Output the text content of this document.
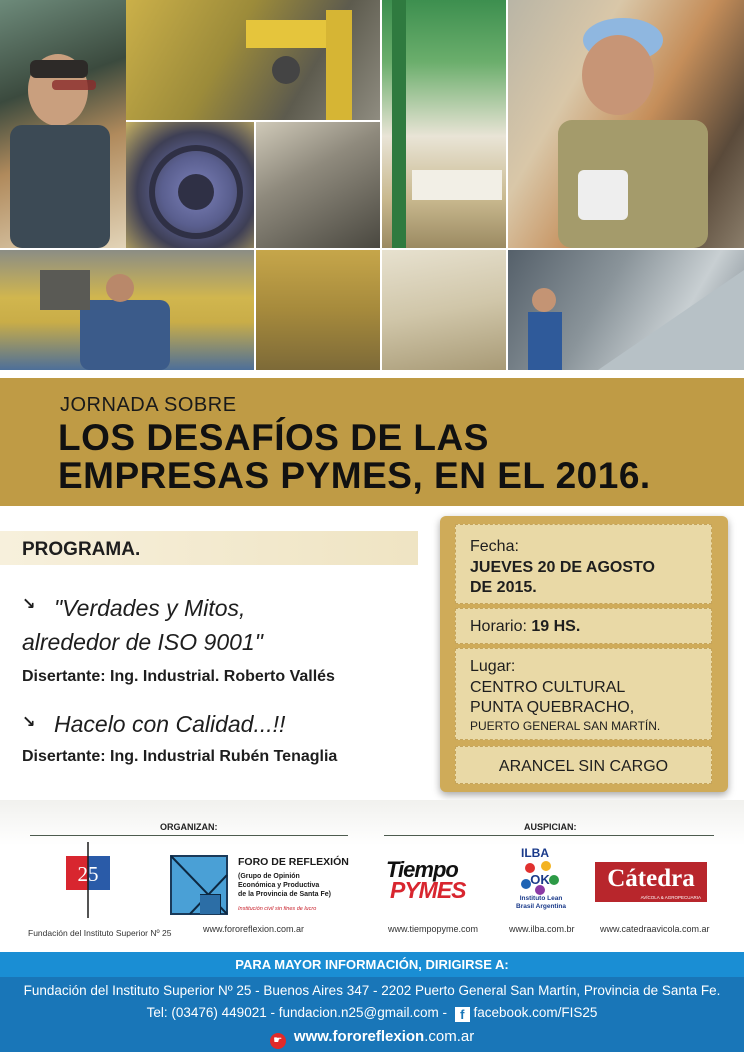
JORNADA SOBRE
LOS DESAFÍOS DE LAS
EMPRESAS PYMES, EN EL 2016.
PROGRAMA.
↘ "Verdades y Mitos,
alrededor de ISO 9001"
Disertante: Ing. Industrial. Roberto Vallés
↘ Hacelo con Calidad...!!
Disertante: Ing. Industrial Rubén Tenaglia
Fecha:
JUEVES 20 DE AGOSTO
DE 2015.
Horario: 19 HS.
Lugar:
CENTRO CULTURAL
PUNTA QUEBRACHO,
PUERTO GENERAL SAN MARTÍN.
ARANCEL SIN CARGO
ORGANIZAN:	AUSPICIAN:
25
Fundación del Instituto Superior Nº 25
FORO DE REFLEXIÓN
(Grupo de Opinión
Económica y Productiva
de la Provincia de Santa Fe)
Institución civil sin fines de lucro
www.fororeflexion.com.ar
Tiempo
PYMES
www.tiempopyme.com
ILBA
OK
Instituto Lean
Brasil Argentina
www.ilba.com.br
Cátedra
AVÍCOLA & AGROPECUARIA
www.catedraavicola.com.ar
PARA MAYOR INFORMACIÓN, DIRIGIRSE A:
Fundación del Instituto Superior Nº 25 - Buenos Aires 347 - 2202 Puerto General San Martín, Provincia de Santa Fe.
Tel: (03476) 449021 - fundacion.n25@gmail.com - f facebook.com/FIS25
☛ www.fororeflexion.com.ar
